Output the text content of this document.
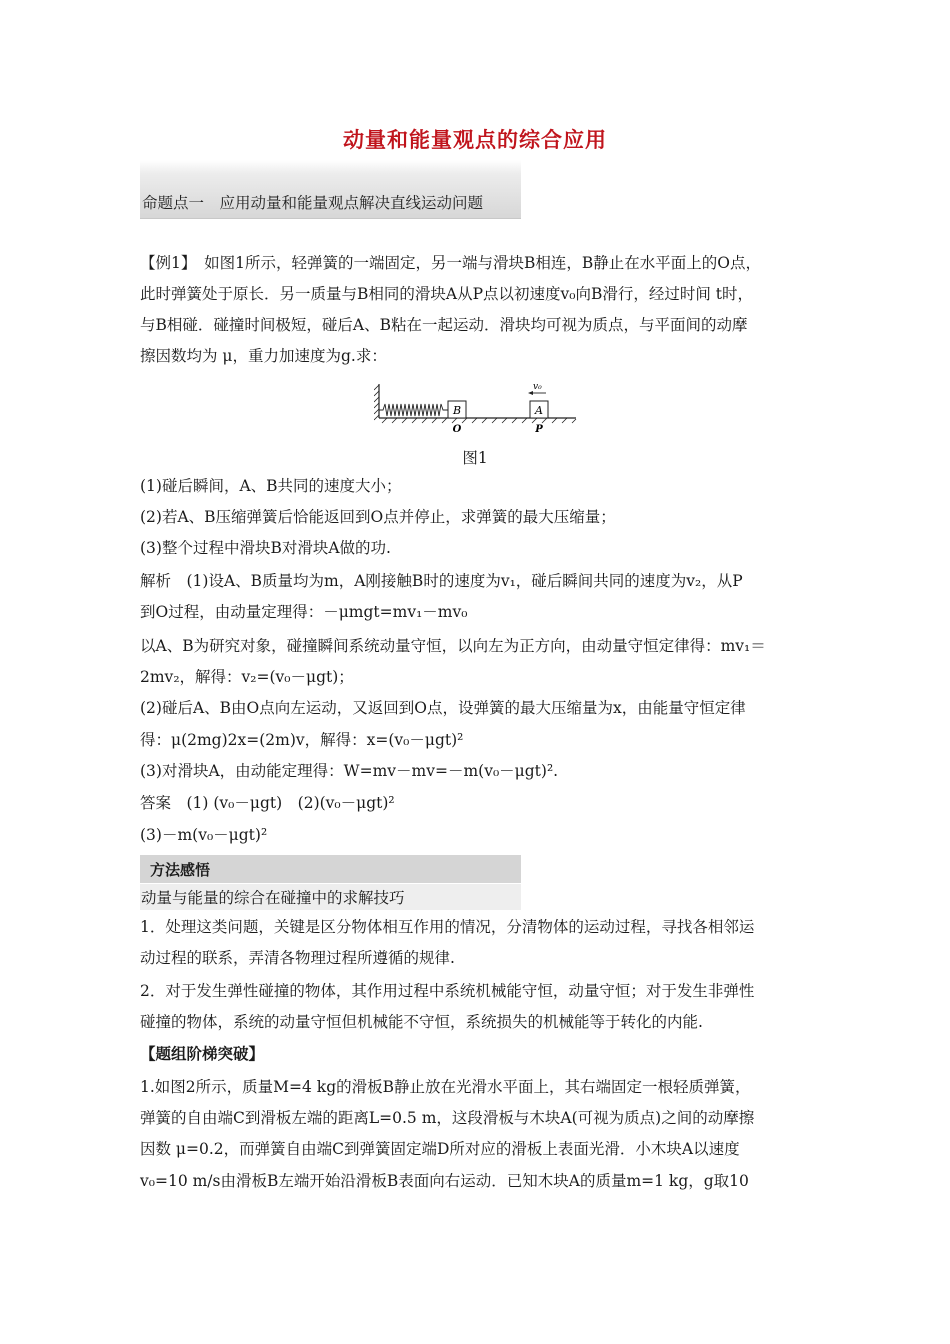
动量和能量观点的综合应用
命题点一　应用动量和能量观点解决直线运动问题
【例1】　如图1所示，轻弹簧的一端固定，另一端与滑块B相连，B静止在水平面上的O点，
此时弹簧处于原长．另一质量与B相同的滑块A从P点以初速度v₀向B滑行，经过时间 t时，
与B相碰．碰撞时间极短，碰后A、B粘在一起运动．滑块均可视为质点，与平面间的动摩
擦因数均为 μ，重力加速度为g.求：
B	A
v₀
O	P
图1
(1)碰后瞬间，A、B共同的速度大小；
(2)若A、B压缩弹簧后恰能返回到O点并停止，求弹簧的最大压缩量；
(3)整个过程中滑块B对滑块A做的功.
解析　(1)设A、B质量均为m，A刚接触B时的速度为v₁，碰后瞬间共同的速度为v₂，从P
到O过程，由动量定理得：－μmgt=mv₁－mv₀
以A、B为研究对象，碰撞瞬间系统动量守恒，以向左为正方向，由动量守恒定律得：mv₁＝
2mv₂，解得：v₂=(v₀－μgt)；
(2)碰后A、B由O点向左运动，又返回到O点，设弹簧的最大压缩量为x，由能量守恒定律
得：μ(2mg)2x=(2m)v，解得：x=(v₀－μgt)²
(3)对滑块A，由动能定理得：W=mv－mv=－m(v₀－μgt)².
答案　(1) (v₀－μgt)　(2)(v₀－μgt)²
(3)－m(v₀－μgt)²
方法感悟
动量与能量的综合在碰撞中的求解技巧
1．处理这类问题，关键是区分物体相互作用的情况，分清物体的运动过程，寻找各相邻运
动过程的联系，弄清各物理过程所遵循的规律.
2．对于发生弹性碰撞的物体，其作用过程中系统机械能守恒，动量守恒；对于发生非弹性
碰撞的物体，系统的动量守恒但机械能不守恒，系统损失的机械能等于转化的内能.
【题组阶梯突破】
1.如图2所示，质量M=4 kg的滑板B静止放在光滑水平面上，其右端固定一根轻质弹簧，
弹簧的自由端C到滑板左端的距离L=0.5 m，这段滑板与木块A(可视为质点)之间的动摩擦
因数 μ=0.2，而弹簧自由端C到弹簧固定端D所对应的滑板上表面光滑．小木块A以速度
v₀=10 m/s由滑板B左端开始沿滑板B表面向右运动．已知木块A的质量m=1 kg，g取10
